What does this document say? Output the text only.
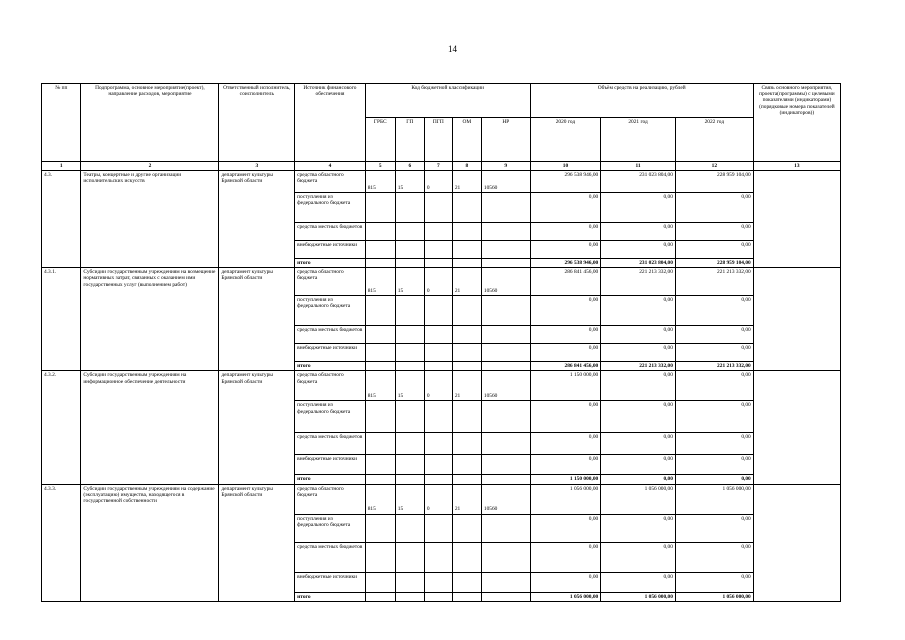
14
№ пп	Подпрограмма, основное мероприятие(проект), направление расходов, мероприятие	Ответственный исполнитель, соисполнитель	Источник финансового обеспечения	Код бюджетной классификации					Объём средств на реализацию, рублей			Связь основного мероприятия, проекта(программы) с целевыми показателями (индикаторами) (порядковые номера показателей (индикаторов))
				ГРБС	ГП	ПГП	ОМ	НР	2020 год	2021 год	2022 год	
1	2	3	4	5	6	7	8	9	10	11	12	13
4.3.	Театры, концертные и другие организации исполнительских искусств	департамент культуры Брянской области	средства областного бюджета	815	15	0	21	10560	296 538 946,00	231 023 804,00	228 959 104,00	
			поступления из федерального бюджета						0,00	0,00	0,00	
			средства местных бюджетов						0,00	0,00	0,00	
			внебюджетные источники						0,00	0,00	0,00	
			итого						296 538 946,00	231 023 804,00	228 959 104,00	
4.3.1.	Субсидии государственным учреждениям на возмещение нормативных затрат, связанных с оказанием ими государственных услуг (выполнением работ)	департамент культуры Брянской области	средства областного бюджета	815	15	0	21	10560	286 841 456,00	221 213 332,00	221 213 332,00	
			поступления из федерального бюджета						0,00	0,00	0,00	
			средства местных бюджетов						0,00	0,00	0,00	
			внебюджетные источники						0,00	0,00	0,00	
			итого						286 841 456,00	221 213 332,00	221 213 332,00	
4.3.2.	Субсидии государственным учреждениям на информационное обеспечение деятельности	департамент культуры Брянской области	средства областного бюджета	815	15	0	21	10560	1 150 000,00	0,00	0,00	
			поступления из федерального бюджета						0,00	0,00	0,00	
			средства местных бюджетов						0,00	0,00	0,00	
			внебюджетные источники						0,00	0,00	0,00	
			итого						1 150 000,00	0,00	0,00	
4.3.3.	Субсидии государственным учреждениям на содержание (эксплуатацию) имущества, находящегося в государственной собственности	департамент культуры Брянской области	средства областного бюджета	815	15	0	21	10560	1 056 000,00	1 056 000,00	1 056 000,00	
			поступления из федерального бюджета						0,00	0,00	0,00	
			средства местных бюджетов						0,00	0,00	0,00	
			внебюджетные источники						0,00	0,00	0,00	
			итого						1 056 000,00	1 056 000,00	1 056 000,00	
